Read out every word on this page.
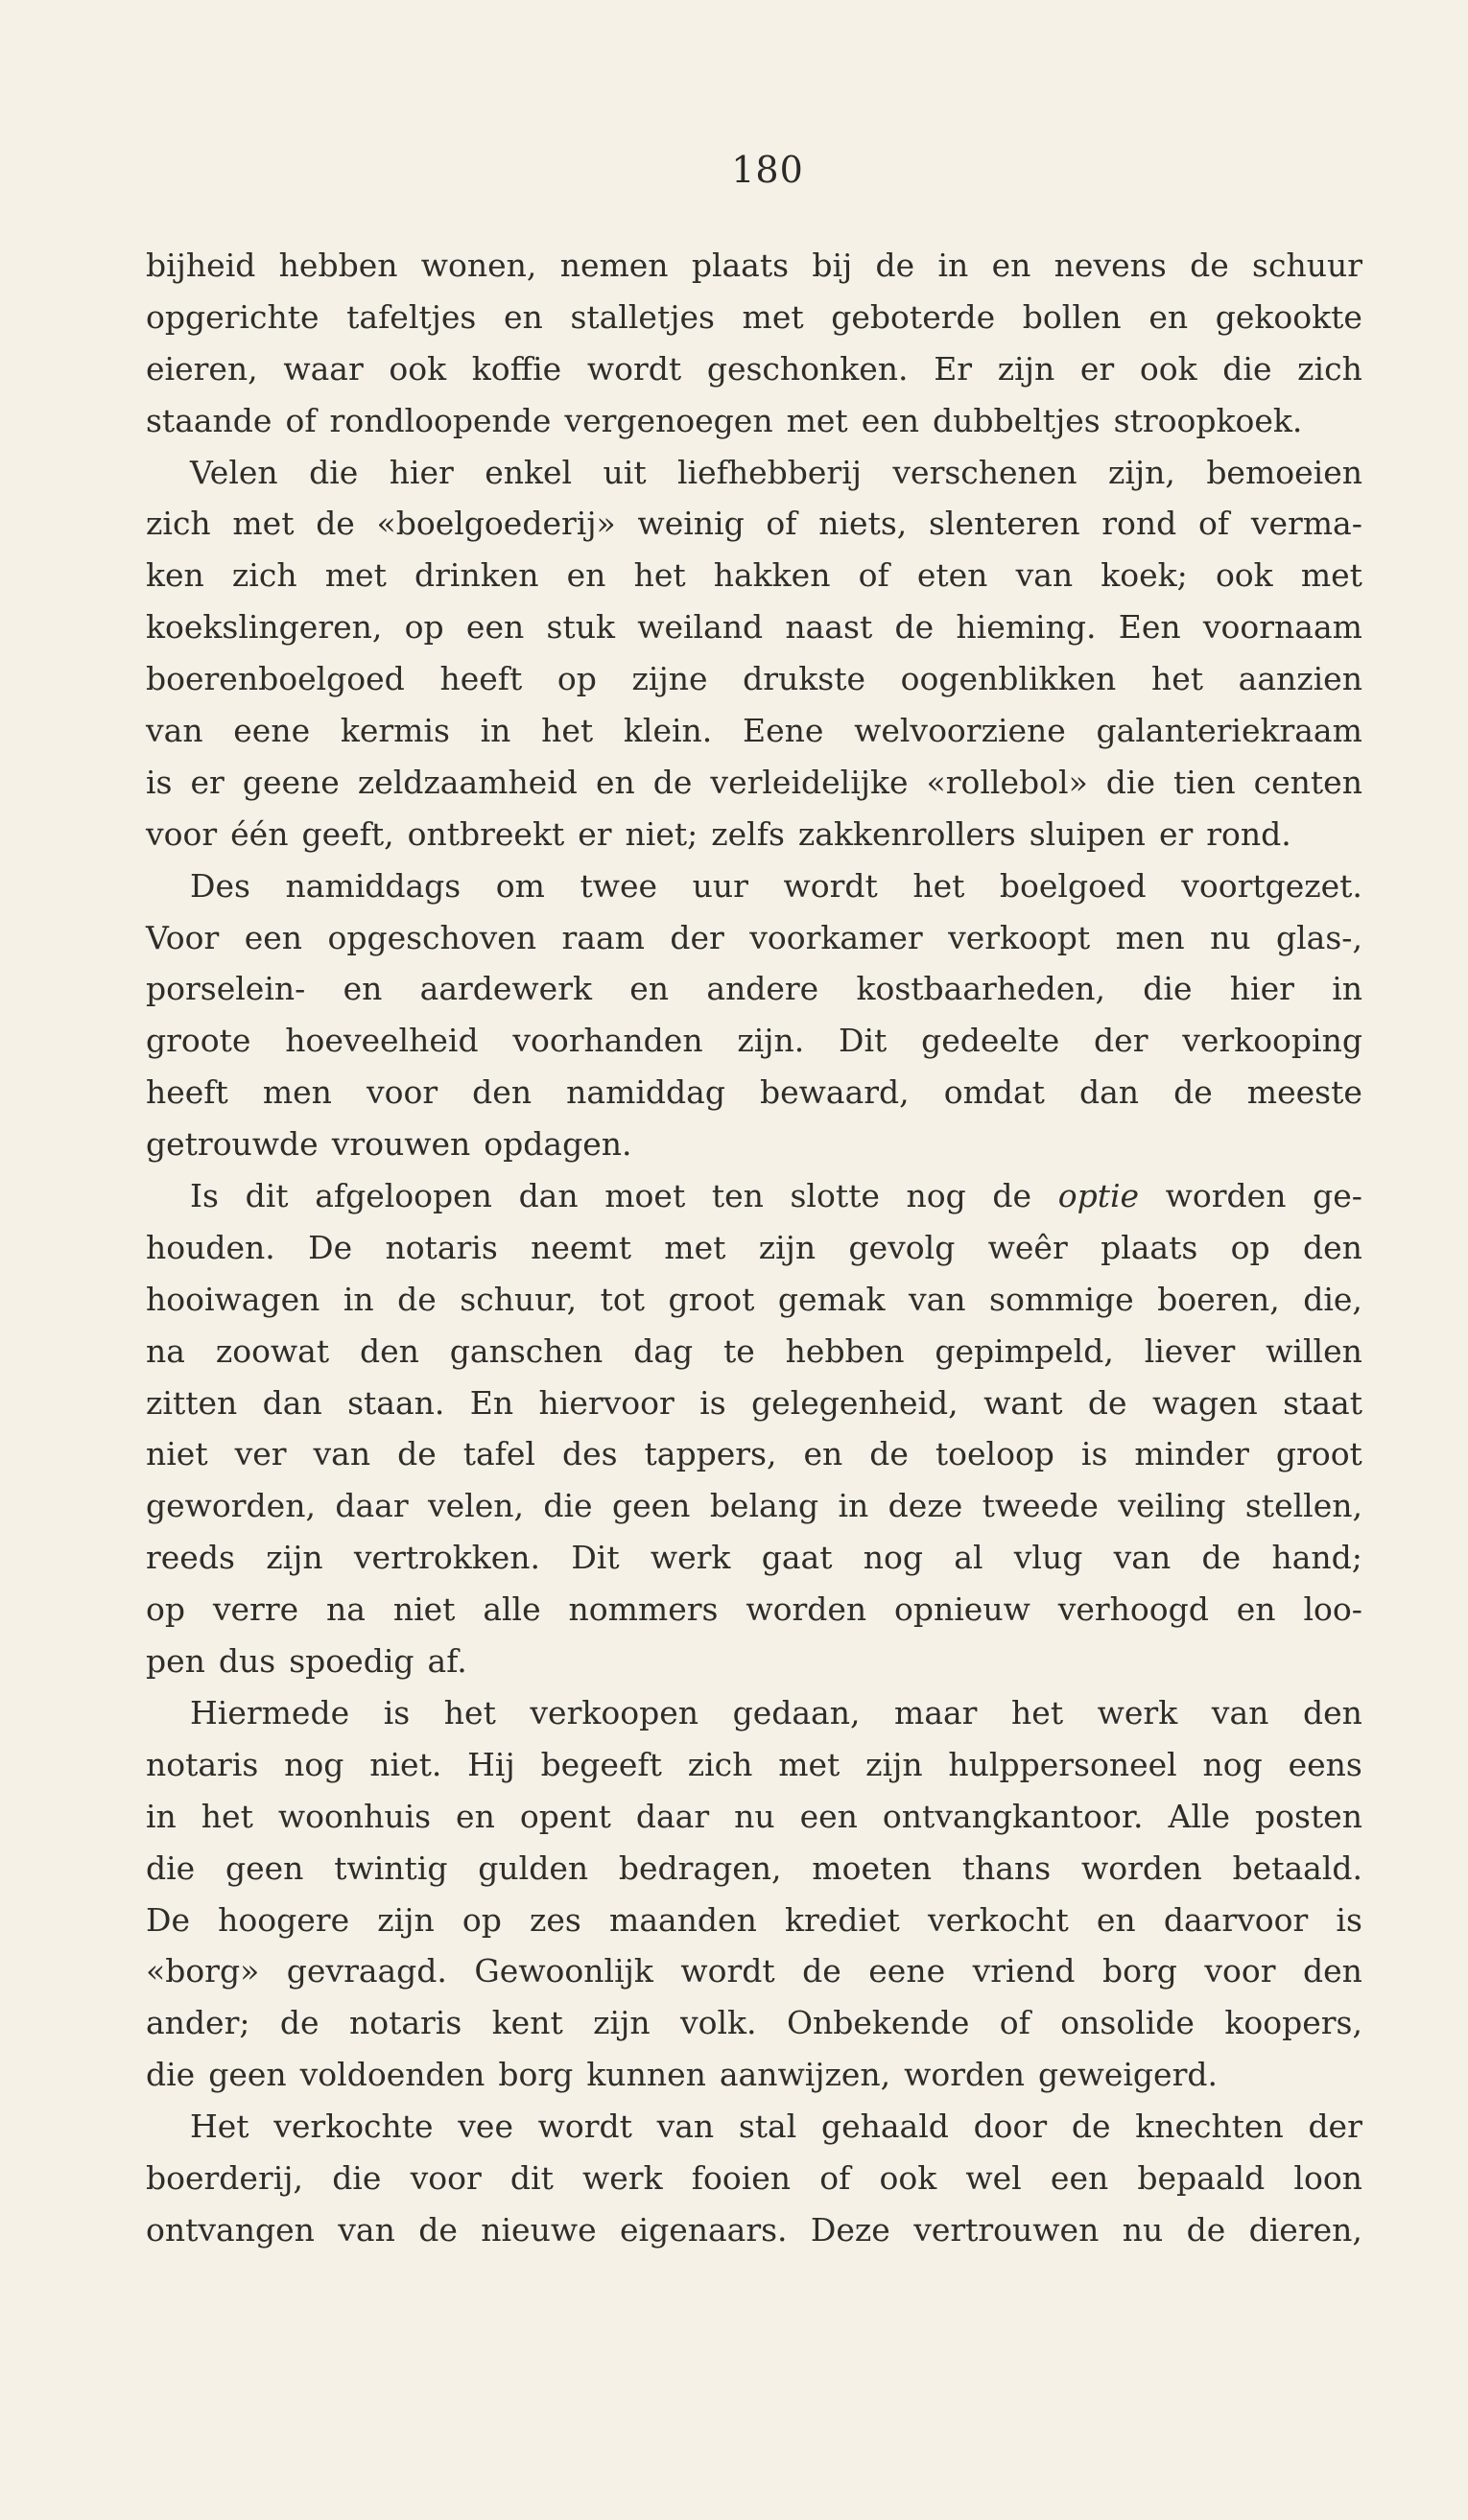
180
bijheid hebben wonen, nemen plaats bij de in en nevens de schuur
opgerichte tafeltjes en stalletjes met geboterde bollen en gekookte
eieren, waar ook koffie wordt geschonken. Er zijn er ook die zich
staande of rondloopende vergenoegen met een dubbeltjes stroopkoek.
Velen die hier enkel uit liefhebberij verschenen zijn, bemoeien
zich met de «boelgoederij» weinig of niets, slenteren rond of verma-
ken zich met drinken en het hakken of eten van koek; ook met
koekslingeren, op een stuk weiland naast de hieming. Een voornaam
boerenboelgoed heeft op zijne drukste oogenblikken het aanzien
van eene kermis in het klein. Eene welvoorziene galanteriekraam
is er geene zeldzaamheid en de verleidelijke «rollebol» die tien centen
voor één geeft, ontbreekt er niet; zelfs zakkenrollers sluipen er rond.
Des namiddags om twee uur wordt het boelgoed voortgezet.
Voor een opgeschoven raam der voorkamer verkoopt men nu glas-,
porselein- en aardewerk en andere kostbaarheden, die hier in
groote hoeveelheid voorhanden zijn. Dit gedeelte der verkooping
heeft men voor den namiddag bewaard, omdat dan de meeste
getrouwde vrouwen opdagen.
Is dit afgeloopen dan moet ten slotte nog de optie worden ge-
houden. De notaris neemt met zijn gevolg weêr plaats op den
hooiwagen in de schuur, tot groot gemak van sommige boeren, die,
na zoowat den ganschen dag te hebben gepimpeld, liever willen
zitten dan staan. En hiervoor is gelegenheid, want de wagen staat
niet ver van de tafel des tappers, en de toeloop is minder groot
geworden, daar velen, die geen belang in deze tweede veiling stellen,
reeds zijn vertrokken. Dit werk gaat nog al vlug van de hand;
op verre na niet alle nommers worden opnieuw verhoogd en loo-
pen dus spoedig af.
Hiermede is het verkoopen gedaan, maar het werk van den
notaris nog niet. Hij begeeft zich met zijn hulppersoneel nog eens
in het woonhuis en opent daar nu een ontvangkantoor. Alle posten
die geen twintig gulden bedragen, moeten thans worden betaald.
De hoogere zijn op zes maanden krediet verkocht en daarvoor is
«borg» gevraagd. Gewoonlijk wordt de eene vriend borg voor den
ander; de notaris kent zijn volk. Onbekende of onsolide koopers,
die geen voldoenden borg kunnen aanwijzen, worden geweigerd.
Het verkochte vee wordt van stal gehaald door de knechten der
boerderij, die voor dit werk fooien of ook wel een bepaald loon
ontvangen van de nieuwe eigenaars. Deze vertrouwen nu de dieren,
